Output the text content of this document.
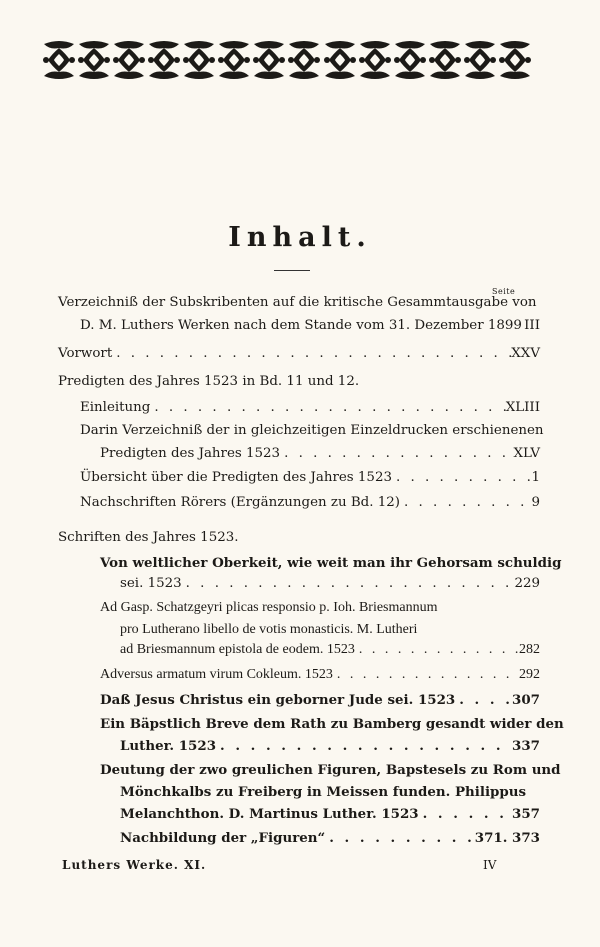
Inhalt.
Seite
Verzeichniß der Subskribenten auf die kritische Gesammtausgabe von
D. M. Luthers Werken nach dem Stande vom 31. Dezember 1899 III
Vorwort . . .	XXV
Predigten des Jahres 1523 in Bd. 11 und 12.
Einleitung . . .	XLIII
Darin Verzeichniß der in gleichzeitigen Einzeldrucken erschienenen
Predigten des Jahres 1523 . . .	XLV
Übersicht über die Predigten des Jahres 1523 . . .	1
Nachschriften Rörers (Ergänzungen zu Bd. 12) . . .	9
Schriften des Jahres 1523.
Von weltlicher Oberkeit, wie weit man ihr Gehorsam schuldig
sei. 1523 . . .	229
Ad Gasp. Schatzgeyri plicas responsio p. Ioh. Briesmannum
pro Lutherano libello de votis monasticis. M. Lutheri
ad Briesmannum epistola de eodem. 1523 . . .	282
Adversus armatum virum Cokleum. 1523 . . .	292
Daß Jesus Christus ein geborner Jude sei. 1523 . . .	307
Ein Bäpstlich Breve dem Rath zu Bamberg gesandt wider den
Luther. 1523 . . .	337
Luthers Werke. XI.	IV
Deutung der zwo greulichen Figuren, Bapstesels zu Rom und
Mönchkalbs zu Freiberg in Meissen funden. Philippus
Melanchthon. D. Martinus Luther. 1523 . . .	357
Nachbildung der „Figuren“ . . .	371. 373
